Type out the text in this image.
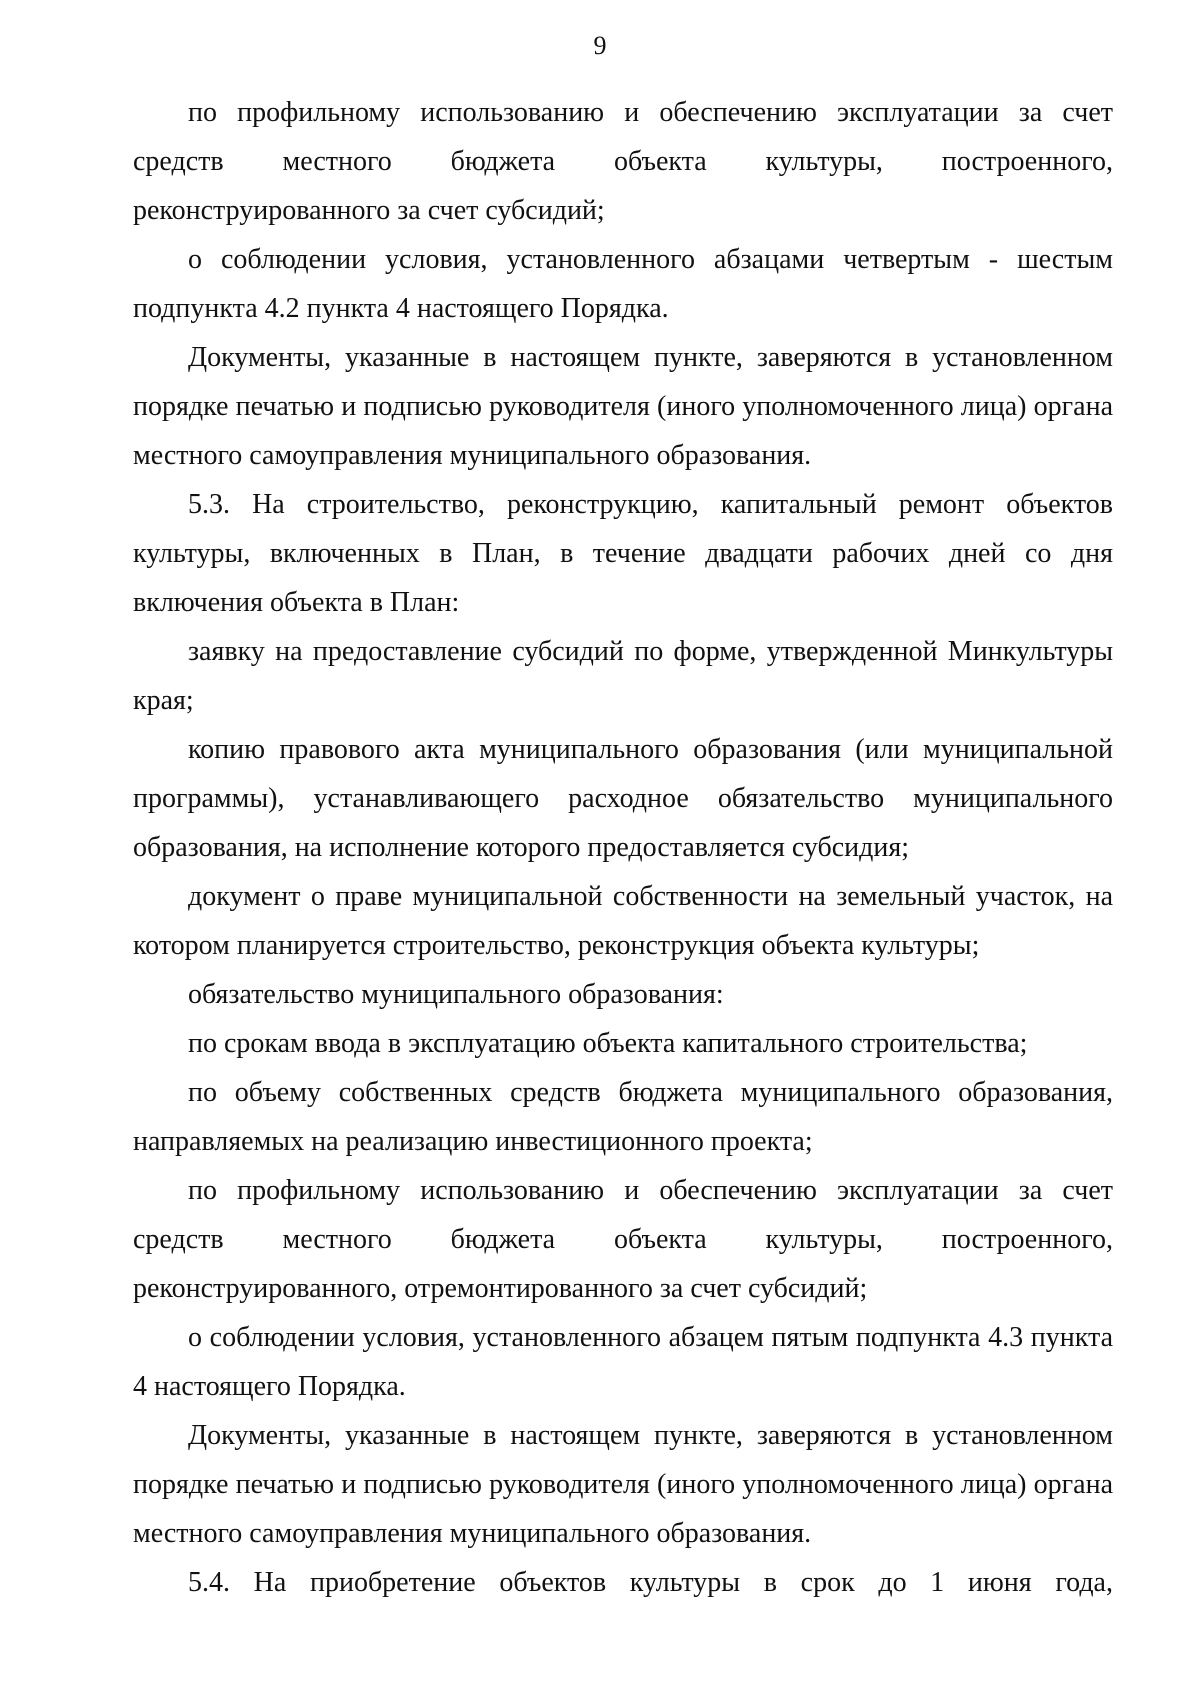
9

по профильному использованию и обеспечению эксплуатации за счет средств местного бюджета объекта культуры, построенного, реконструированного за счет субсидий;

о соблюдении условия, установленного абзацами четвертым - шестым подпункта 4.2 пункта 4 настоящего Порядка.

Документы, указанные в настоящем пункте, заверяются в установленном порядке печатью и подписью руководителя (иного уполномоченного лица) органа местного самоуправления муниципального образования.

5.3. На строительство, реконструкцию, капитальный ремонт объектов культуры, включенных в План, в течение двадцати рабочих дней со дня включения объекта в План:

заявку на предоставление субсидий по форме, утвержденной Минкультуры края;

копию правового акта муниципального образования (или муниципальной программы), устанавливающего расходное обязательство муниципального образования, на исполнение которого предоставляется субсидия;

документ о праве муниципальной собственности на земельный участок, на котором планируется строительство, реконструкция объекта культуры;

обязательство муниципального образования:

по срокам ввода в эксплуатацию объекта капитального строительства;

по объему собственных средств бюджета муниципального образования, направляемых на реализацию инвестиционного проекта;

по профильному использованию и обеспечению эксплуатации за счет средств местного бюджета объекта культуры, построенного, реконструированного, отремонтированного за счет субсидий;

о соблюдении условия, установленного абзацем пятым подпункта 4.3 пункта 4 настоящего Порядка.

Документы, указанные в настоящем пункте, заверяются в установленном порядке печатью и подписью руководителя (иного уполномоченного лица) органа местного самоуправления муниципального образования.

5.4. На приобретение объектов культуры в срок до 1 июня года,
